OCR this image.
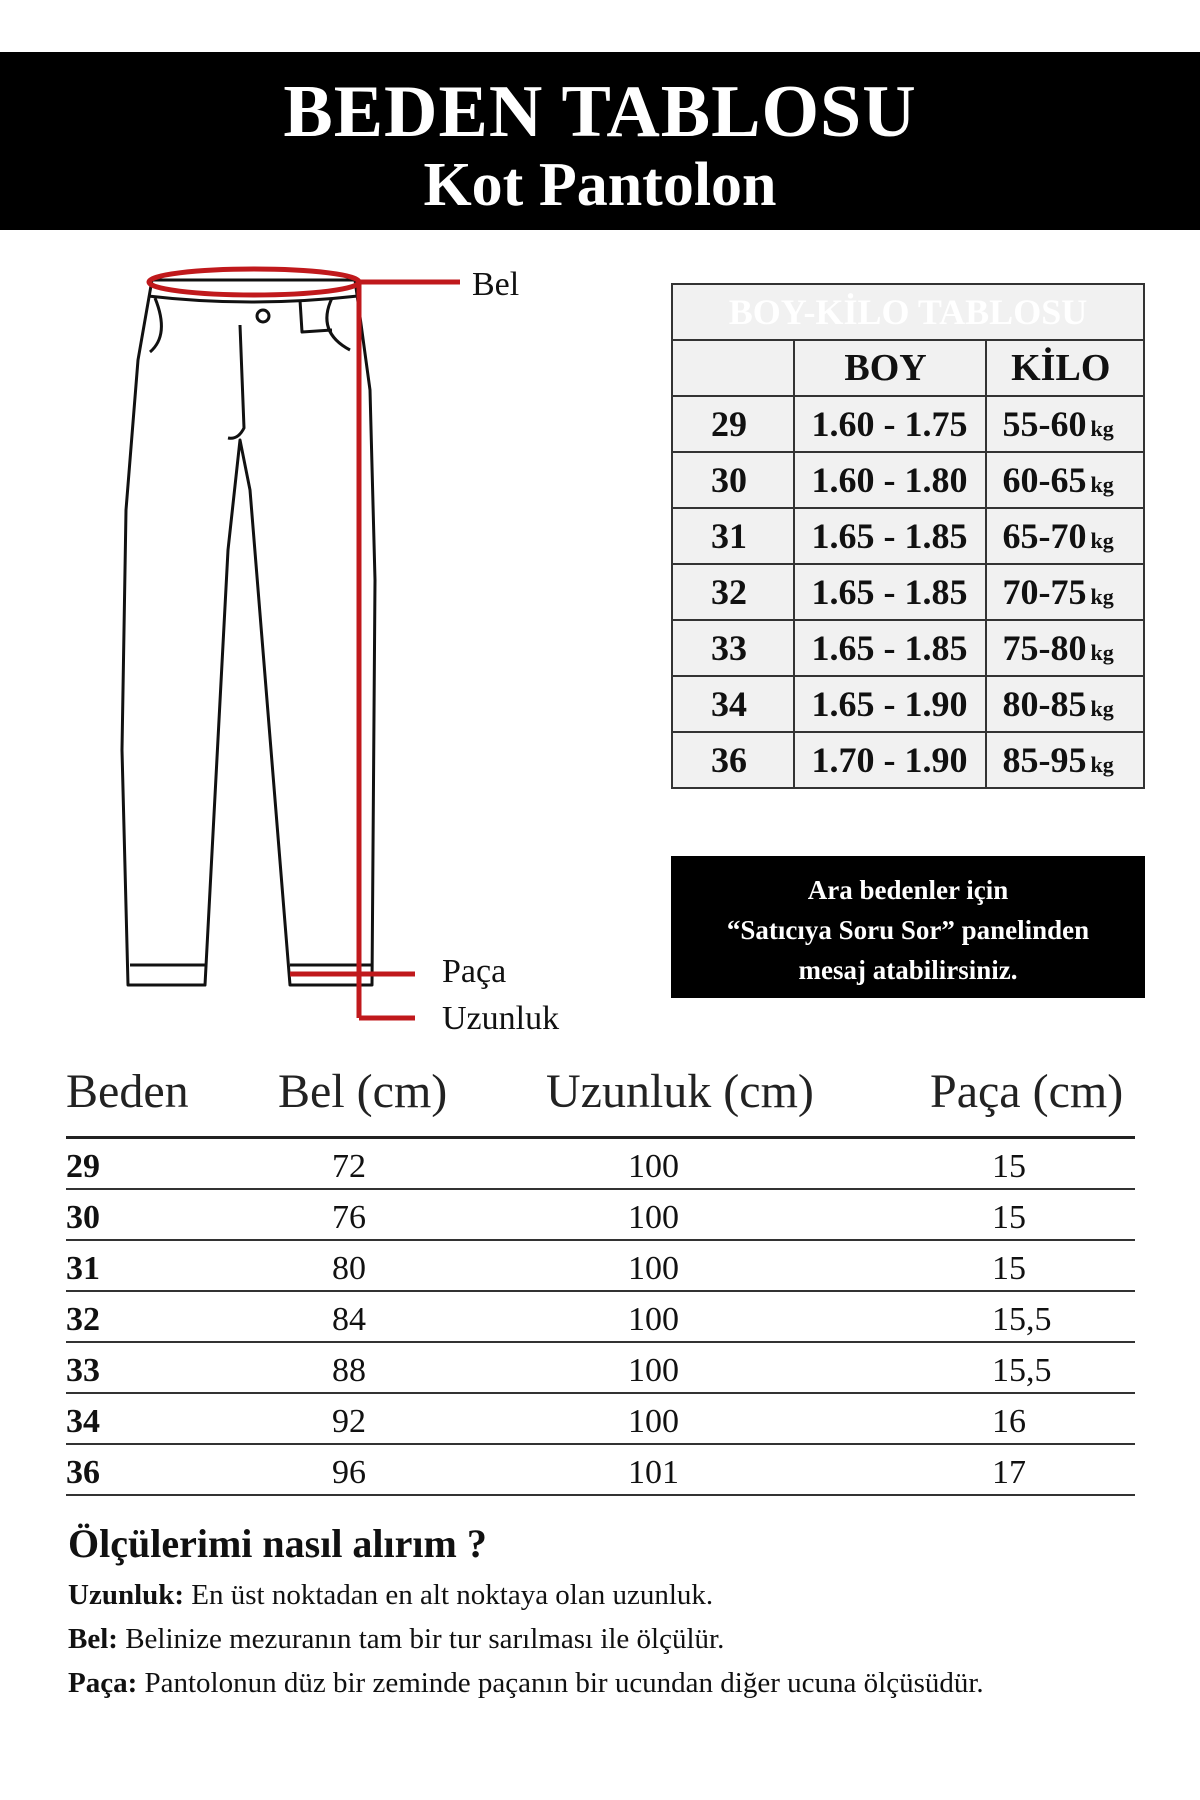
BEDEN TABLOSU
Kot Pantolon
Bel
Paça
Uzunluk
BOY-KİLO TABLOSU		
	BOY	KİLO
29	1.60 - 1.75	55-60 kg
30	1.60 - 1.80	60-65 kg
31	1.65 - 1.85	65-70 kg
32	1.65 - 1.85	70-75 kg
33	1.65 - 1.85	75-80 kg
34	1.65 - 1.90	80-85 kg
36	1.70 - 1.90	85-95 kg
Ara bedenler için
“Satıcıya Soru Sor” panelinden
mesaj atabilirsiniz.
Beden Bel (cm) Uzunluk (cm) Paça (cm)
29	72	100	15
30	76	100	15
31	80	100	15
32	84	100	15,5
33	88	100	15,5
34	92	100	16
36	96	101	17
Ölçülerimi nasıl alırım ?
Uzunluk: En üst noktadan en alt noktaya olan uzunluk.
Bel: Belinize mezuranın tam bir tur sarılması ile ölçülür.
Paça: Pantolonun düz bir zeminde paçanın bir ucundan diğer ucuna ölçüsüdür.
